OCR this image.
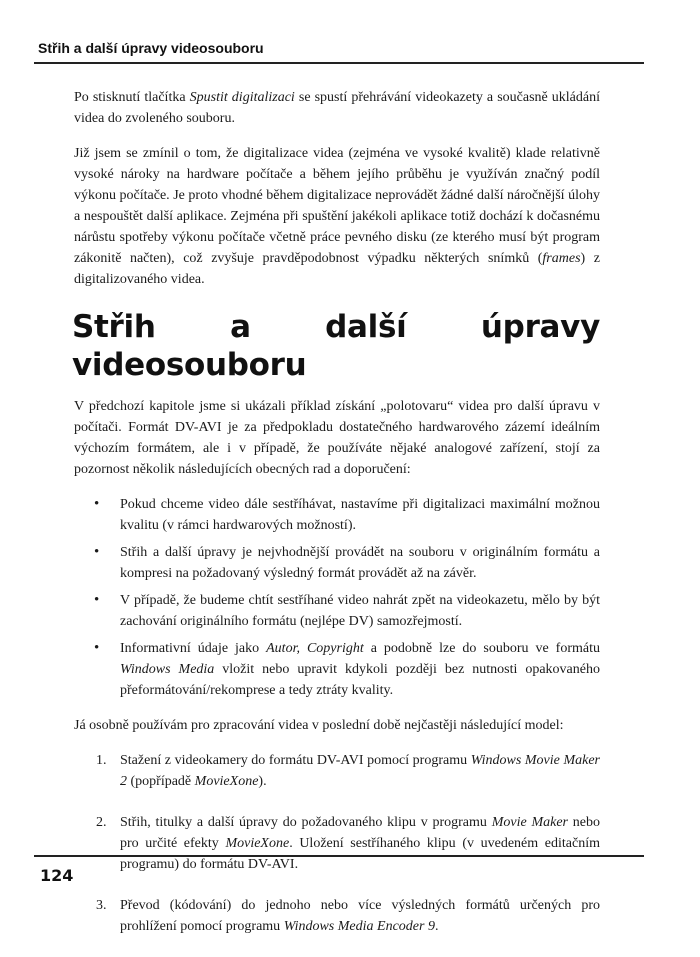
Střih a další úpravy videosouboru

Po stisknutí tlačítka Spustit digitalizaci se spustí přehrávání videokazety a současně ukládání videa do zvoleného souboru.

Již jsem se zmínil o tom, že digitalizace videa (zejména ve vysoké kvalitě) klade relativně vysoké nároky na hardware počítače a během jejího průběhu je využíván značný podíl výkonu počítače. Je proto vhodné během digitalizace neprovádět žádné další náročnější úlohy a nespouštět další aplikace. Zejména při spuštění jakékoli aplikace totiž dochází k dočasnému nárůstu spotřeby výkonu počítače včetně práce pevného disku (ze kterého musí být program zákonitě načten), což zvyšuje pravděpodobnost výpadku některých snímků (frames) z digitalizovaného videa.

Střih a další úpravy videosouboru

V předchozí kapitole jsme si ukázali příklad získání „polotovaru“ videa pro další úpravu v počítači. Formát DV-AVI je za předpokladu dostatečného hardwarového zázemí ideálním výchozím formátem, ale i v případě, že používáte nějaké analogové zařízení, stojí za pozornost několik následujících obecných rad a doporučení:

• Pokud chceme video dále sestříhávat, nastavíme při digitalizaci maximální možnou kvalitu (v rámci hardwarových možností).
• Střih a další úpravy je nejvhodnější provádět na souboru v originálním formátu a kompresi na požadovaný výsledný formát provádět až na závěr.
• V případě, že budeme chtít sestříhané video nahrát zpět na videokazetu, mělo by být zachování originálního formátu (nejlépe DV) samozřejmostí.
• Informativní údaje jako Autor, Copyright a podobně lze do souboru ve formátu Windows Media vložit nebo upravit kdykoli později bez nutnosti opakovaného přeformátování/rekomprese a tedy ztráty kvality.

Já osobně používám pro zpracování videa v poslední době nejčastěji následující model:

1. Stažení z videokamery do formátu DV-AVI pomocí programu Windows Movie Maker 2 (popřípadě MovieXone).
2. Střih, titulky a další úpravy do požadovaného klipu v programu Movie Maker nebo pro určité efekty MovieXone. Uložení sestříhaného klipu (v uvedeném editačním programu) do formátu DV-AVI.
3. Převod (kódování) do jednoho nebo více výsledných formátů určených pro prohlížení pomocí programu Windows Media Encoder 9.
124
